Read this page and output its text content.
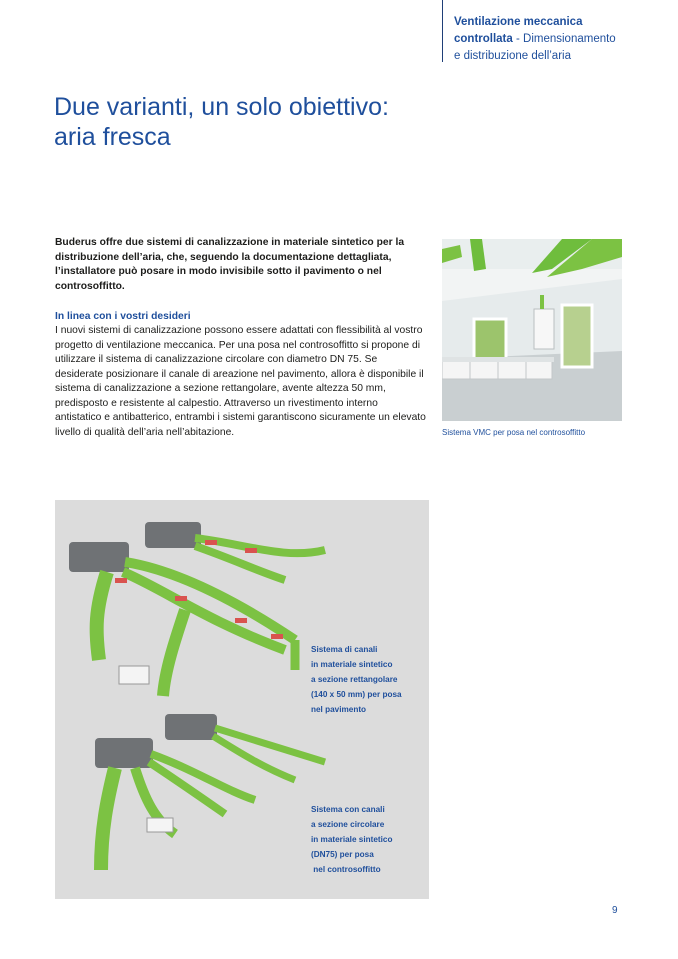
Ventilazione meccanica
controllata - Dimensionamento
e distribuzione dell’aria
Due varianti, un solo obiettivo:
aria fresca

Buderus offre due sistemi di canalizzazione in materiale sintetico per la distribuzione dell’aria, che, seguendo la documentazione dettagliata, l’installatore può posare in modo invisibile sotto il pavimento o nel controsoffitto.

In linea con i vostri desideri

I nuovi sistemi di canalizzazione possono essere adattati con flessibilità al vostro progetto di ventilazione meccanica. Per una posa nel controsoffitto si propone di utilizzare il sistema di canalizzazione circolare con diametro DN 75. Se desiderate posizionare il canale di areazione nel pavimento, allora è disponibile il sistema di canalizzazione a sezione rettangolare, avente altezza 50 mm, predisposto e resistente al calpestio. Attraverso un rivestimento interno antistatico e antibatterico, entrambi i sistemi garantiscono sicuramente un elevato livello di qualità dell’aria nell’abitazione.	Sistema VMC per posa nel controsoffitto
Sistema di canali
in materiale sintetico
a sezione rettangolare
(140 x 50 mm) per posa
nel pavimento
Sistema con canali
a sezione circolare
in materiale sintetico
(DN75) per posa
nel controsoffitto
9
